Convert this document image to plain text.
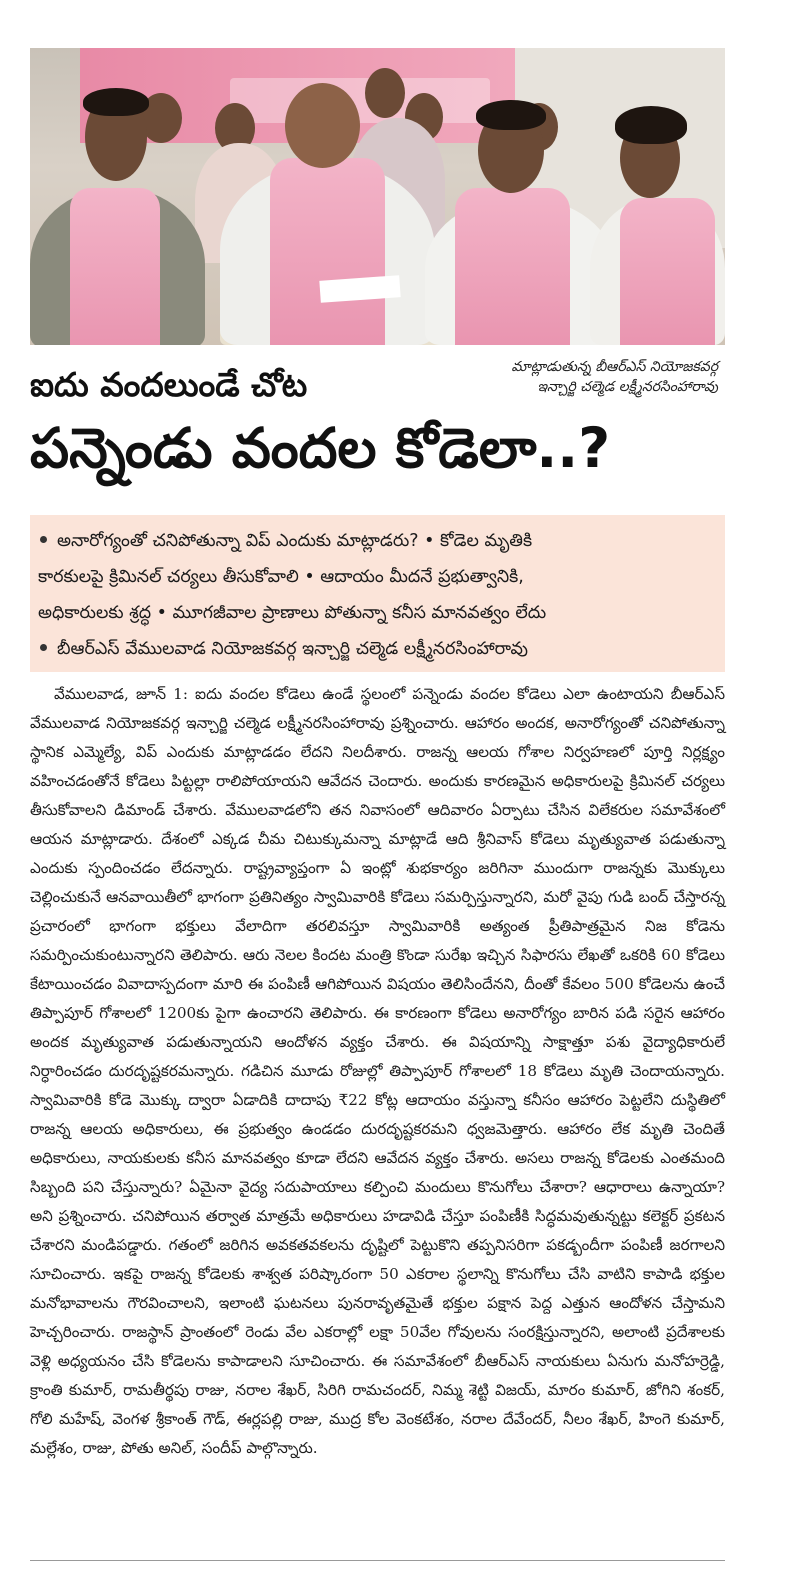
ఐదు వందలుండే చోట	మాట్లాడుతున్న బీఆర్ఎస్ నియోజకవర్గ
ఇన్చార్జి చల్మెడ లక్ష్మీనరసింహారావు
పన్నెండు వందల కోడెలా..?
అనారోగ్యంతో చనిపోతున్నా విప్ ఎందుకు మాట్లాడరు? • కోడెల మృతికి
కారకులపై క్రిమినల్ చర్యలు తీసుకోవాలి • ఆదాయం మీదనే ప్రభుత్వానికి,
అధికారులకు శ్రద్ధ • మూగజీవాల ప్రాణాలు పోతున్నా కనీస మానవత్వం లేదు
బీఆర్ఎస్ వేములవాడ నియోజకవర్గ ఇన్చార్జి చల్మెడ లక్ష్మీనరసింహారావు

వేములవాడ, జూన్ 1: ఐదు వందల కోడెలు ఉండే స్థలంలో పన్నెండు వందల కోడెలు ఎలా ఉంటాయని బీఆర్ఎస్ వేములవాడ నియోజకవర్గ ఇన్చార్జి చల్మెడ లక్ష్మీనరసింహారావు ప్రశ్నించారు. ఆహారం అందక, అనారోగ్యంతో చనిపోతున్నా స్థానిక ఎమ్మెల్యే, విప్ ఎందుకు మాట్లాడడం లేదని నిలదీశారు. రాజన్న ఆలయ గోశాల నిర్వహణలో పూర్తి నిర్లక్ష్యం వహించడంతోనే కోడెలు పిట్టల్లా రాలిపోయాయని ఆవేదన చెందారు. అందుకు కారణమైన అధికారులపై క్రిమినల్ చర్యలు తీసుకోవాలని డిమాండ్ చేశారు. వేములవాడలోని తన నివాసంలో ఆదివారం ఏర్పాటు చేసిన విలేకరుల సమావేశంలో ఆయన మాట్లాడారు. దేశంలో ఎక్కడ చీమ చిటుక్కుమన్నా మాట్లాడే ఆది శ్రీనివాస్ కోడెలు మృత్యువాత పడుతున్నా ఎందుకు స్పందించడం లేదన్నారు. రాష్ట్రవ్యాప్తంగా ఏ ఇంట్లో శుభకార్యం జరిగినా ముందుగా రాజన్నకు మొక్కులు చెల్లించుకునే ఆనవాయితీలో భాగంగా ప్రతినిత్యం స్వామివారికి కోడెలు సమర్పిస్తున్నారని, మరో వైపు గుడి బంద్ చేస్తారన్న ప్రచారంలో భాగంగా భక్తులు వేలాదిగా తరలివస్తూ స్వామివారికి అత్యంత ప్రీతిపాత్రమైన నిజ కోడెను సమర్పించుకుంటున్నారని తెలిపారు. ఆరు నెలల కిందట మంత్రి కొండా సురేఖ ఇచ్చిన సిఫారసు లేఖతో ఒకరికి 60 కోడెలు కేటాయించడం వివాదాస్పదంగా మారి ఈ పంపిణీ ఆగిపోయిన విషయం తెలిసిందేనని, దీంతో కేవలం 500 కోడెలను ఉంచే తిప్పాపూర్ గోశాలలో 1200కు పైగా ఉంచారని తెలిపారు. ఈ కారణంగా కోడెలు అనారోగ్యం బారిన పడి సరైన ఆహారం అందక మృత్యువాత పడుతున్నాయని ఆందోళన వ్యక్తం చేశారు. ఈ విషయాన్ని సాక్షాత్తూ పశు వైద్యాధికారులే నిర్ధారించడం దురదృష్టకరమన్నారు. గడిచిన మూడు రోజుల్లో తిప్పాపూర్ గోశాలలో 18 కోడెలు మృతి చెందాయన్నారు. స్వామివారికి కోడె మొక్కు ద్వారా ఏడాదికి దాదాపు ₹22 కోట్ల ఆదాయం వస్తున్నా కనీసం ఆహారం పెట్టలేని దుస్థితిలో రాజన్న ఆలయ అధికారులు, ఈ ప్రభుత్వం ఉండడం దురదృష్టకరమని ధ్వజమెత్తారు. ఆహారం లేక మృతి చెందితే అధికారులు, నాయకులకు కనీస మానవత్వం కూడా లేదని ఆవేదన వ్యక్తం చేశారు. అసలు రాజన్న కోడెలకు ఎంతమంది సిబ్బంది పని చేస్తున్నారు? ఏమైనా వైద్య సదుపాయాలు కల్పించి మందులు కొనుగోలు చేశారా? ఆధారాలు ఉన్నాయా? అని ప్రశ్నించారు. చనిపోయిన తర్వాత మాత్రమే అధికారులు హడావిడి చేస్తూ పంపిణీకి సిద్ధమవుతున్నట్టు కలెక్టర్ ప్రకటన చేశారని మండిపడ్డారు. గతంలో జరిగిన అవకతవకలను దృష్టిలో పెట్టుకొని తప్పనిసరిగా పకడ్బందీగా పంపిణీ జరగాలని సూచించారు. ఇకపై రాజన్న కోడెలకు శాశ్వత పరిష్కారంగా 50 ఎకరాల స్థలాన్ని కొనుగోలు చేసి వాటిని కాపాడి భక్తుల మనోభావాలను గౌరవించాలని, ఇలాంటి ఘటనలు పునరావృతమైతే భక్తుల పక్షాన పెద్ద ఎత్తున ఆందోళన చేస్తామని హెచ్చరించారు. రాజస్థాన్ ప్రాంతంలో రెండు వేల ఎకరాల్లో లక్షా 50వేల గోవులను సంరక్షిస్తున్నారని, అలాంటి ప్రదేశాలకు వెళ్లి అధ్యయనం చేసి కోడెలను కాపాడాలని సూచించారు. ఈ సమావేశంలో బీఆర్ఎస్ నాయకులు ఏనుగు మనోహర్రెడ్డి, క్రాంతి కుమార్, రామతీర్థపు రాజు, నరాల శేఖర్, సిరిగి రామచందర్, నిమ్మ శెట్టి విజయ్, మారం కుమార్, జోగిని శంకర్, గోలి మహేష్, వెంగళ శ్రీకాంత్ గౌడ్, ఈర్లపల్లి రాజు, ముద్ర కోల వెంకటేశం, నరాల దేవేందర్, నీలం శేఖర్, హింగె కుమార్, మల్లేశం, రాజు, పోతు అనిల్, సందీప్ పాల్గొన్నారు.
